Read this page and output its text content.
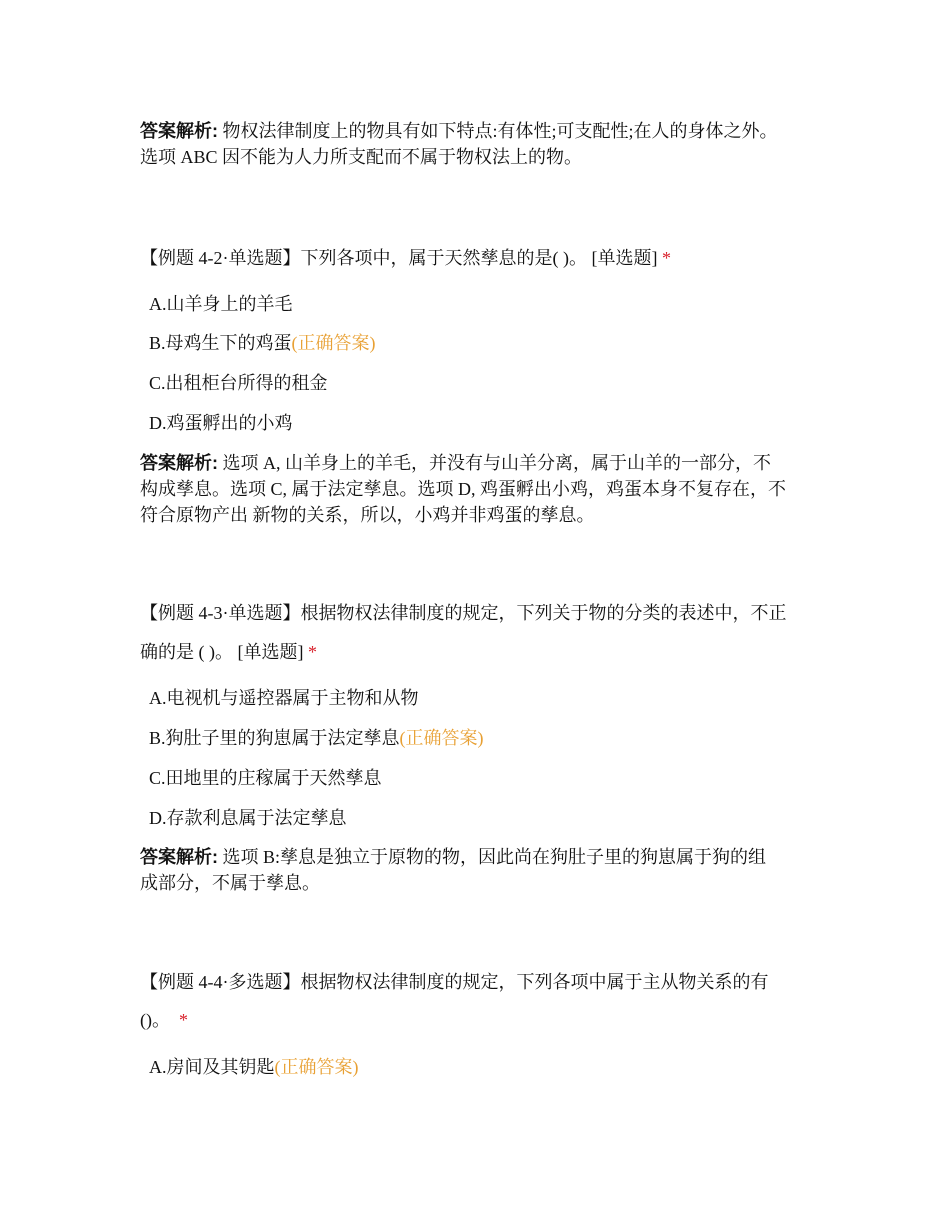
答案解析: 物权法律制度上的物具有如下特点:有体性;可支配性;在人的身体之外。
选项 ABC 因不能为人力所支配而不属于物权法上的物。
【例题 4-2·单选题】下列各项中，属于天然孳息的是( )。 [单选题] *
A.山羊身上的羊毛
B.母鸡生下的鸡蛋(正确答案)
C.出租柜台所得的租金
D.鸡蛋孵出的小鸡
答案解析: 选项 A, 山羊身上的羊毛，并没有与山羊分离，属于山羊的一部分，不
构成孳息。选项 C, 属于法定孳息。选项 D, 鸡蛋孵出小鸡，鸡蛋本身不复存在，不
符合原物产出 新物的关系，所以，小鸡并非鸡蛋的孳息。
【例题 4-3·单选题】根据物权法律制度的规定，下列关于物的分类的表述中，不正
确的是 ( )。 [单选题] *
A.电视机与遥控器属于主物和从物
B.狗肚子里的狗崽属于法定孳息(正确答案)
C.田地里的庄稼属于天然孳息
D.存款利息属于法定孳息
答案解析: 选项 B:孳息是独立于原物的物，因此尚在狗肚子里的狗崽属于狗的组
成部分，不属于孳息。
【例题 4-4·多选题】根据物权法律制度的规定，下列各项中属于主从物关系的有
()。 *
A.房间及其钥匙(正确答案)
